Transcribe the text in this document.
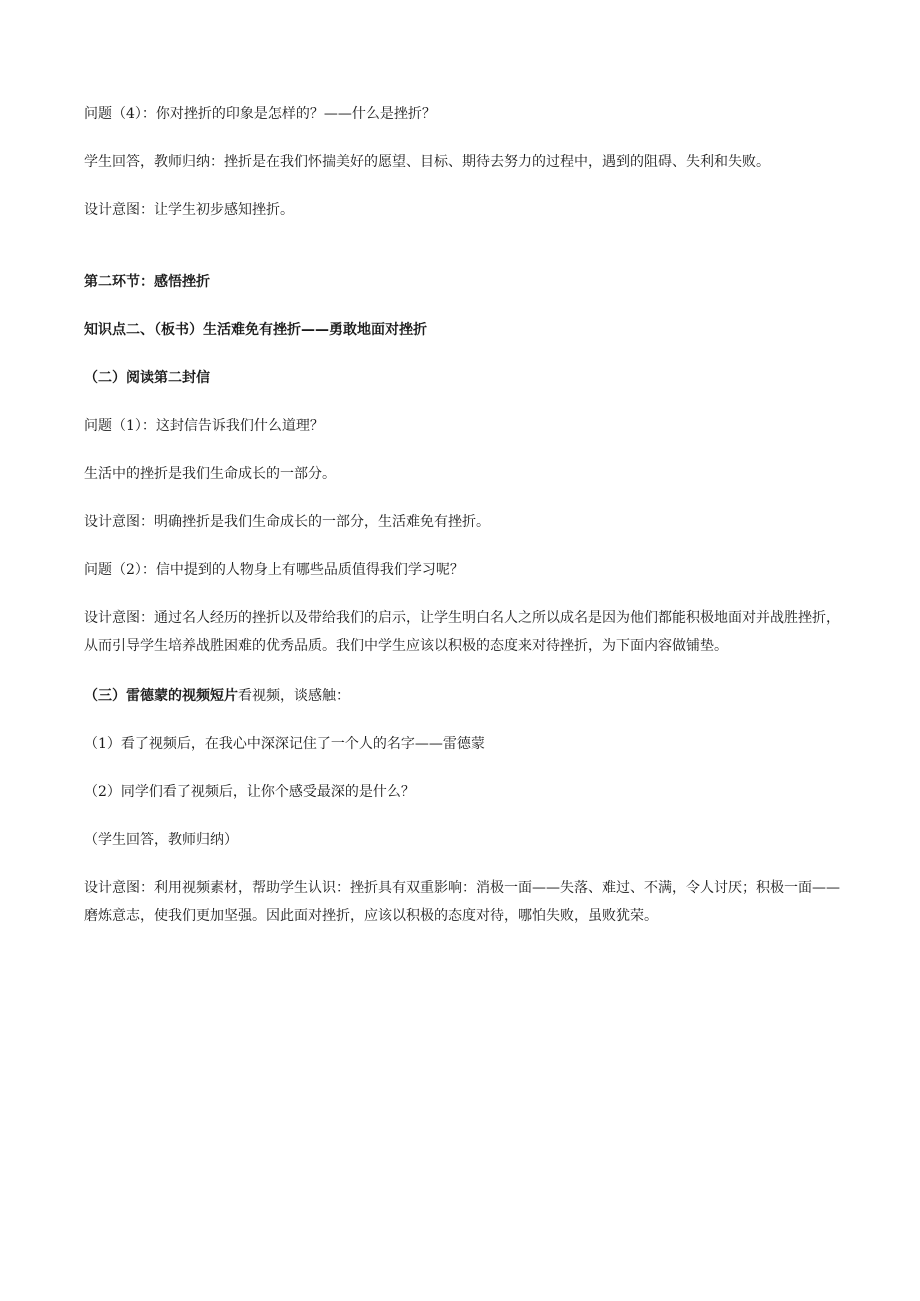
问题（4）：你对挫折的印象是怎样的？——什么是挫折？

学生回答，教师归纳：挫折是在我们怀揣美好的愿望、目标、期待去努力的过程中，遇到的阻碍、失利和失败。

设计意图：让学生初步感知挫折。

第二环节：感悟挫折

知识点二、（板书）生活难免有挫折——勇敢地面对挫折

（二）阅读第二封信

问题（1）：这封信告诉我们什么道理？

生活中的挫折是我们生命成长的一部分。

设计意图：明确挫折是我们生命成长的一部分，生活难免有挫折。

问题（2）：信中提到的人物身上有哪些品质值得我们学习呢？

设计意图：通过名人经历的挫折以及带给我们的启示，让学生明白名人之所以成名是因为他们都能积极地面对并战胜挫折，从而引导学生培养战胜困难的优秀品质。我们中学生应该以积极的态度来对待挫折，为下面内容做铺垫。

（三）雷德蒙的视频短片看视频，谈感触：

（1）看了视频后，在我心中深深记住了一个人的名字——雷德蒙

（2）同学们看了视频后，让你个感受最深的是什么？

（学生回答，教师归纳）

设计意图：利用视频素材，帮助学生认识：挫折具有双重影响：消极一面——失落、难过、不满，令人讨厌；积极一面——磨炼意志，使我们更加坚强。因此面对挫折，应该以积极的态度对待，哪怕失败，虽败犹荣。
